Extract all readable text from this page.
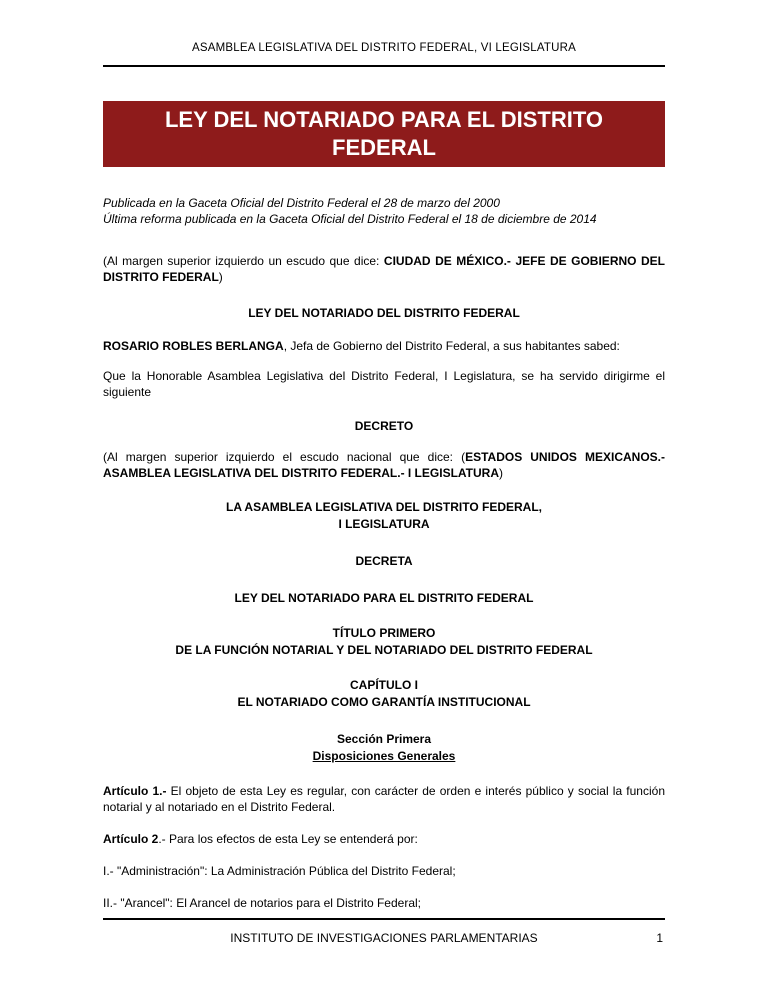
ASAMBLEA LEGISLATIVA DEL DISTRITO FEDERAL, VI LEGISLATURA
LEY DEL NOTARIADO PARA EL DISTRITO FEDERAL

Publicada en la Gaceta Oficial del Distrito Federal el 28 de marzo del 2000
Última reforma publicada en la Gaceta Oficial del Distrito Federal el 18 de diciembre de 2014

(Al margen superior izquierdo un escudo que dice: CIUDAD DE MÉXICO.- JEFE DE GOBIERNO DEL DISTRITO FEDERAL)

LEY DEL NOTARIADO DEL DISTRITO FEDERAL

ROSARIO ROBLES BERLANGA, Jefa de Gobierno del Distrito Federal, a sus habitantes sabed:

Que la Honorable Asamblea Legislativa del Distrito Federal, I Legislatura, se ha servido dirigirme el siguiente

DECRETO

(Al margen superior izquierdo el escudo nacional que dice: (ESTADOS UNIDOS MEXICANOS.- ASAMBLEA LEGISLATIVA DEL DISTRITO FEDERAL.- I LEGISLATURA)

LA ASAMBLEA LEGISLATIVA DEL DISTRITO FEDERAL,
I LEGISLATURA
DECRETA
LEY DEL NOTARIADO PARA EL DISTRITO FEDERAL
TÍTULO PRIMERO
DE LA FUNCIÓN NOTARIAL Y DEL NOTARIADO DEL DISTRITO FEDERAL
CAPÍTULO I
EL NOTARIADO COMO GARANTÍA INSTITUCIONAL
Sección Primera
Disposiciones Generales

Artículo 1.- El objeto de esta Ley es regular, con carácter de orden e interés público y social la función notarial y al notariado en el Distrito Federal.

Artículo 2.- Para los efectos de esta Ley se entenderá por:

I.- "Administración": La Administración Pública del Distrito Federal;

II.- "Arancel": El Arancel de notarios para el Distrito Federal;

INSTITUTO DE INVESTIGACIONES PARLAMENTARIAS	1
